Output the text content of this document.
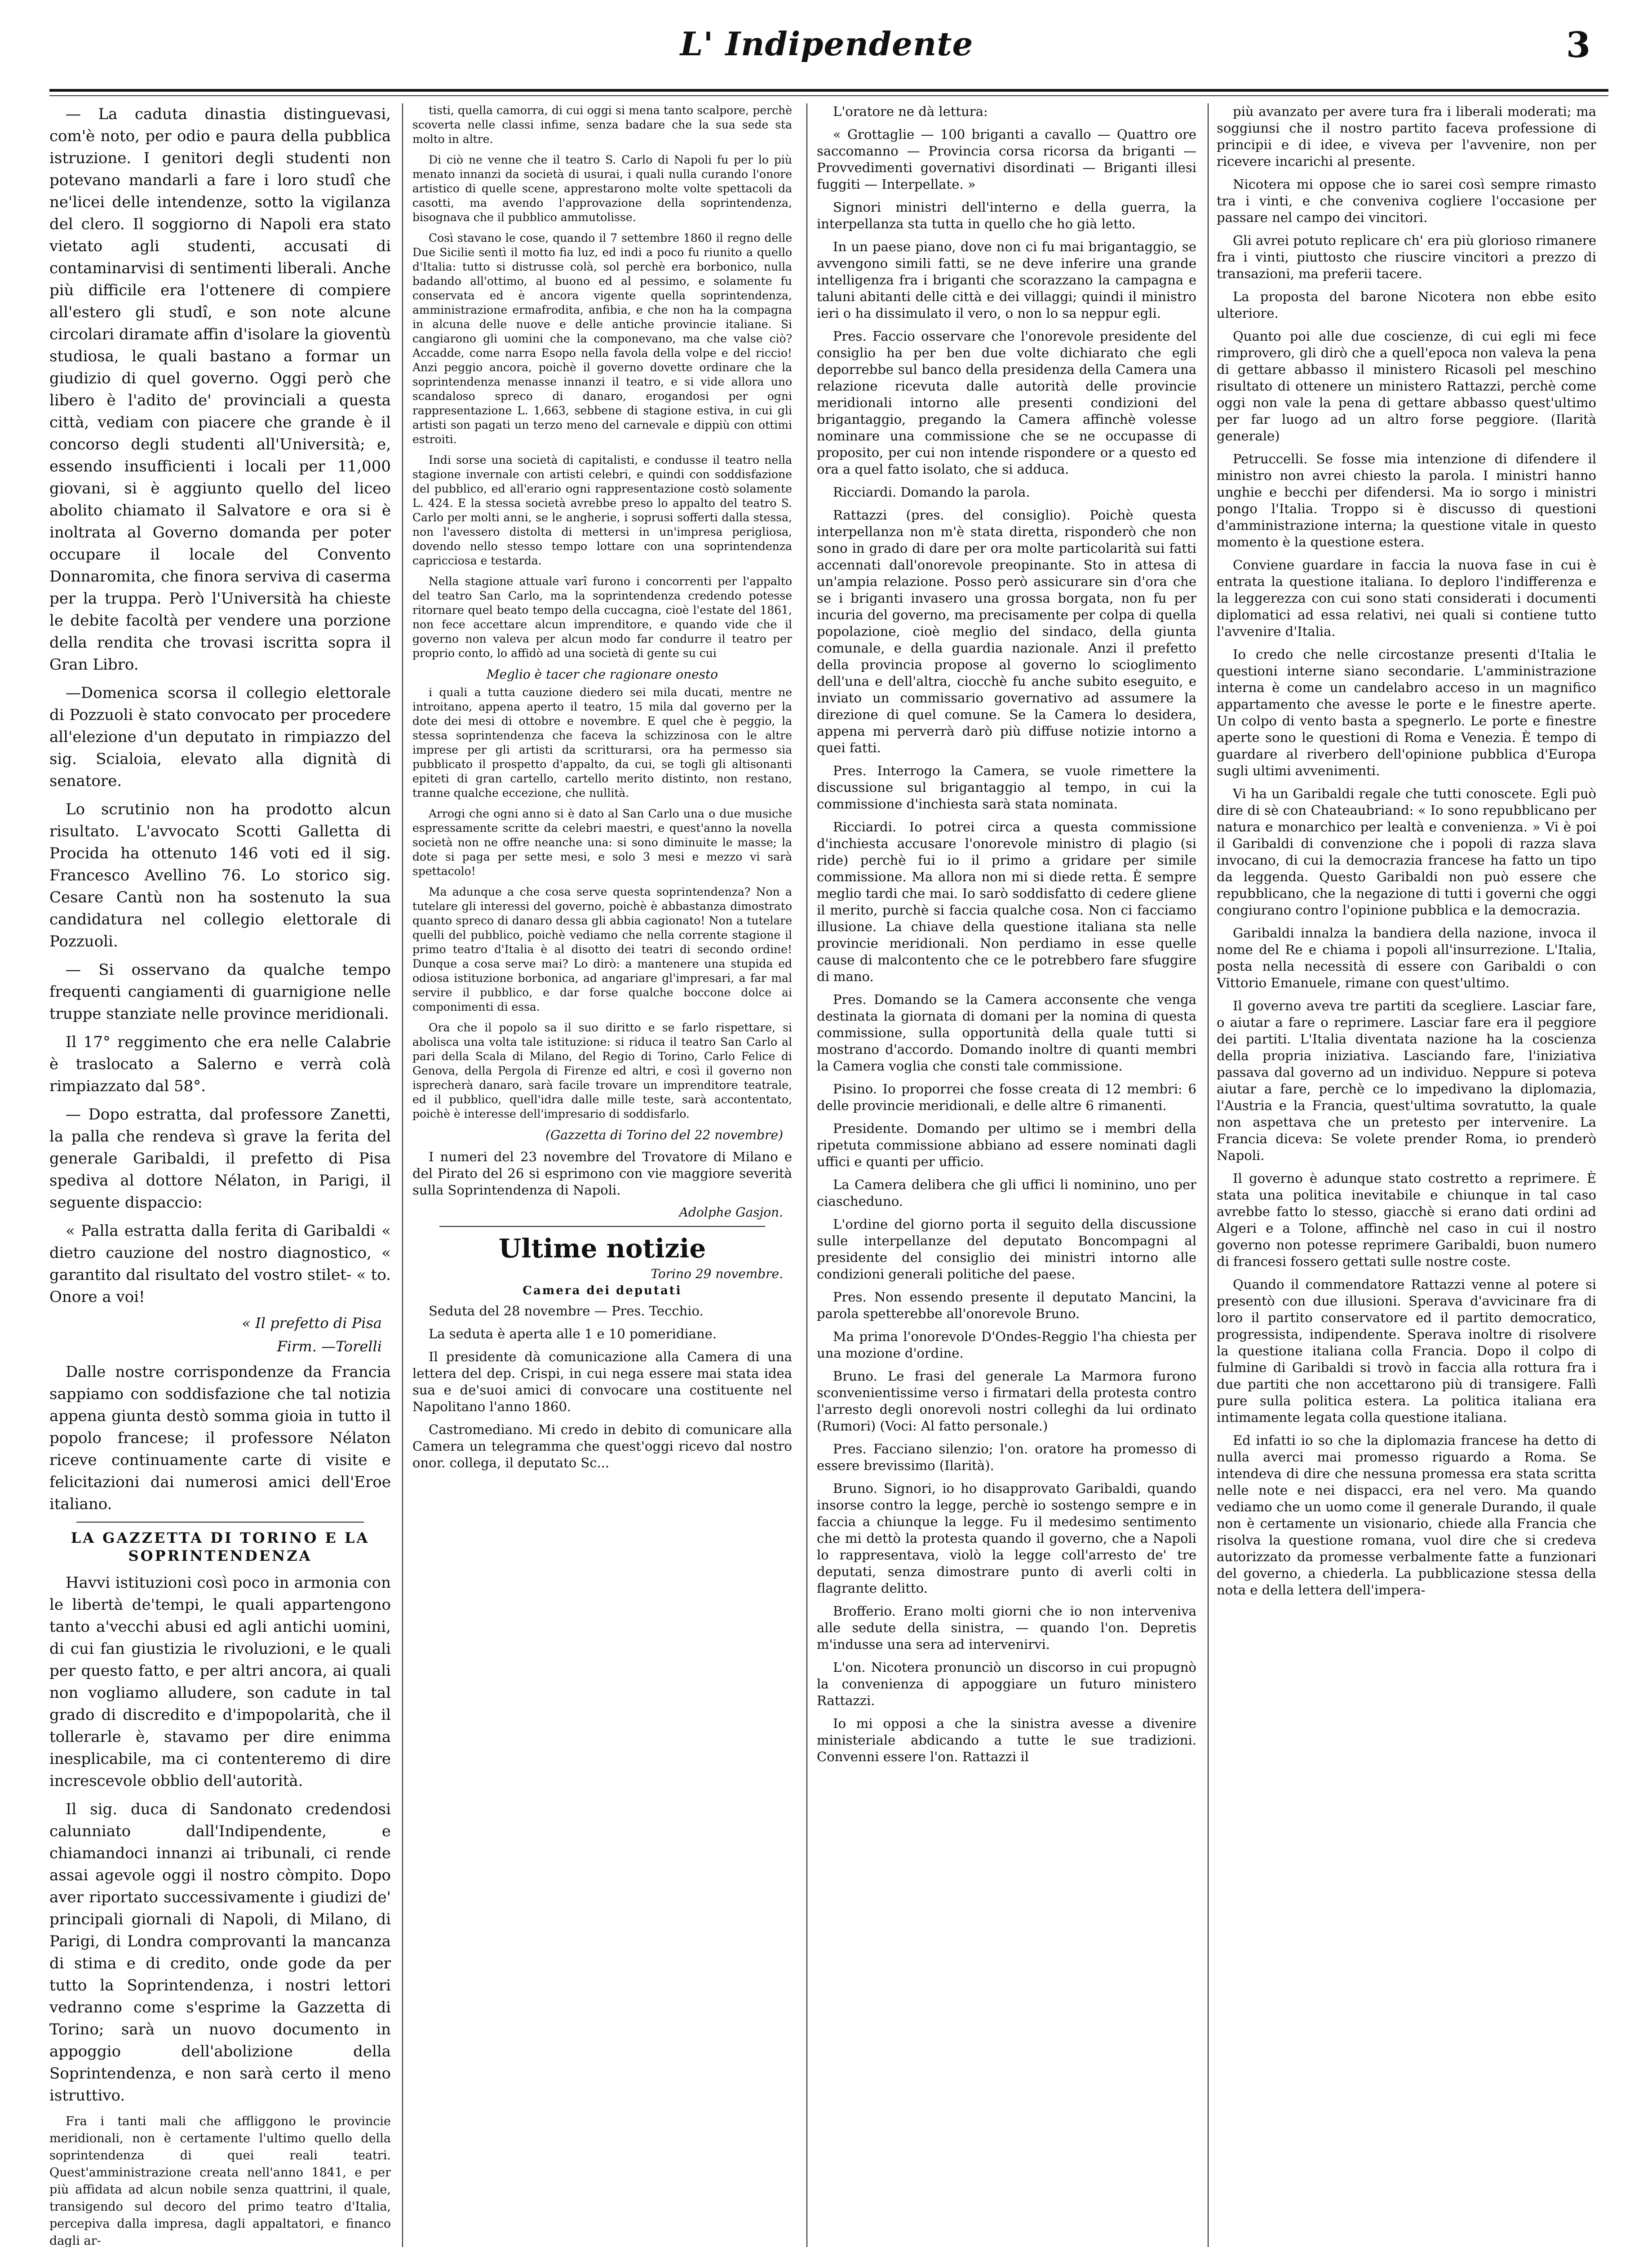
L' Indipendente	3

— La caduta dinastia distinguevasi, com'è noto, per odio e paura della pubblica istruzione. I genitori degli studenti non potevano mandarli a fare i loro studî che ne'licei delle intendenze, sotto la vigilanza del clero. Il soggiorno di Napoli era stato vietato agli studenti, accusati di contaminarvisi di sentimenti liberali. Anche più difficile era l'ottenere di compiere all'estero gli studî, e son note alcune circolari diramate affin d'isolare la gioventù studiosa, le quali bastano a formar un giudizio di quel governo. Oggi però che libero è l'adito de' provinciali a questa città, vediam con piacere che grande è il concorso degli studenti all'Università; e, essendo insufficienti i locali per 11,000 giovani, si è aggiunto quello del liceo abolito chiamato il Salvatore e ora si è inoltrata al Governo domanda per poter occupare il locale del Convento Donnaromita, che finora serviva di caserma per la truppa. Però l'Università ha chieste le debite facoltà per vendere una porzione della rendita che trovasi iscritta sopra il Gran Libro.

—Domenica scorsa il collegio elettorale di Pozzuoli è stato convocato per procedere all'elezione d'un deputato in rimpiazzo del sig. Scialoia, elevato alla dignità di senatore.

Lo scrutinio non ha prodotto alcun risultato. L'avvocato Scotti Galletta di Procida ha ottenuto 146 voti ed il sig. Francesco Avellino 76. Lo storico sig. Cesare Cantù non ha sostenuto la sua candidatura nel collegio elettorale di Pozzuoli.

— Si osservano da qualche tempo frequenti cangiamenti di guarnigione nelle truppe stanziate nelle province meridionali.

Il 17° reggimento che era nelle Calabrie è traslocato a Salerno e verrà colà rimpiazzato dal 58°.

— Dopo estratta, dal professore Zanetti, la palla che rendeva sì grave la ferita del generale Garibaldi, il prefetto di Pisa spediva al dottore Nélaton, in Parigi, il seguente dispaccio:

« Palla estratta dalla ferita di Garibaldi « dietro cauzione del nostro diagnostico, « garantito dal risultato del vostro stilet- « to. Onore a voi!

« Il prefetto di Pisa
Firm. —Torelli

Dalle nostre corrispondenze da Francia sappiamo con soddisfazione che tal notizia appena giunta destò somma gioia in tutto il popolo francese; il professore Nélaton riceve continuamente carte di visite e felicitazioni dai numerosi amici dell'Eroe italiano.

LA GAZZETTA DI TORINO E LA SOPRINTENDENZA

Havvi istituzioni così poco in armonia con le libertà de'tempi, le quali appartengono tanto a'vecchi abusi ed agli antichi uomini, di cui fan giustizia le rivoluzioni, e le quali per questo fatto, e per altri ancora, ai quali non vogliamo alludere, son cadute in tal grado di discredito e d'impopolarità, che il tollerarle è, stavamo per dire enimma inesplicabile, ma ci contenteremo di dire increscevole obblio dell'autorità.

Il sig. duca di Sandonato credendosi calunniato dall'Indipendente, e chiamandoci innanzi ai tribunali, ci rende assai agevole oggi il nostro còmpito. Dopo aver riportato successivamente i giudizi de' principali giornali di Napoli, di Milano, di Parigi, di Londra comprovanti la mancanza di stima e di credito, onde gode da per tutto la Soprintendenza, i nostri lettori vedranno come s'esprime la Gazzetta di Torino; sarà un nuovo documento in appoggio dell'abolizione della Soprintendenza, e non sarà certo il meno istruttivo.

Fra i tanti mali che affliggono le provincie meridionali, non è certamente l'ultimo quello della soprintendenza di quei reali teatri. Quest'amministrazione creata nell'anno 1841, e per più affidata ad alcun nobile senza quattrini, il quale, transigendo sul decoro del primo teatro d'Italia, percepiva dalla impresa, dagli appaltatori, e financo dagli ar-

tisti, quella camorra, di cui oggi si mena tanto scalpore, perchè scoverta nelle classi infime, senza badare che la sua sede sta molto in altre.

Di ciò ne venne che il teatro S. Carlo di Napoli fu per lo più menato innanzi da società di usurai, i quali nulla curando l'onore artistico di quelle scene, apprestarono molte volte spettacoli da casotti, ma avendo l'approvazione della soprintendenza, bisognava che il pubblico ammutolisse.

Così stavano le cose, quando il 7 settembre 1860 il regno delle Due Sicilie sentì il motto fia luz, ed indi a poco fu riunito a quello d'Italia: tutto si distrusse colà, sol perchè era borbonico, nulla badando all'ottimo, al buono ed al pessimo, e solamente fu conservata ed è ancora vigente quella soprintendenza, amministrazione ermafrodita, anfibia, e che non ha la compagna in alcuna delle nuove e delle antiche provincie italiane. Si cangiarono gli uomini che la componevano, ma che valse ciò? Accadde, come narra Esopo nella favola della volpe e del riccio! Anzi peggio ancora, poichè il governo dovette ordinare che la soprintendenza menasse innanzi il teatro, e si vide allora uno scandaloso spreco di danaro, erogandosi per ogni rappresentazione L. 1,663, sebbene di stagione estiva, in cui gli artisti son pagati un terzo meno del carnevale e dippiù con ottimi estroiti.

Indi sorse una società di capitalisti, e condusse il teatro nella stagione invernale con artisti celebri, e quindi con soddisfazione del pubblico, ed all'erario ogni rappresentazione costò solamente L. 424. E la stessa società avrebbe preso lo appalto del teatro S. Carlo per molti anni, se le angherie, i soprusi sofferti dalla stessa, non l'avessero distolta di mettersi in un'impresa perigliosa, dovendo nello stesso tempo lottare con una soprintendenza capricciosa e testarda.

Nella stagione attuale varî furono i concorrenti per l'appalto del teatro San Carlo, ma la soprintendenza credendo potesse ritornare quel beato tempo della cuccagna, cioè l'estate del 1861, non fece accettare alcun imprenditore, e quando vide che il governo non valeva per alcun modo far condurre il teatro per proprio conto, lo affidò ad una società di gente su cui

Meglio è tacer che ragionare onesto

i quali a tutta cauzione diedero sei mila ducati, mentre ne introitano, appena aperto il teatro, 15 mila dal governo per la dote dei mesi di ottobre e novembre. E quel che è peggio, la stessa soprintendenza che faceva la schizzinosa con le altre imprese per gli artisti da scritturarsi, ora ha permesso sia pubblicato il prospetto d'appalto, da cui, se togli gli altisonanti epiteti di gran cartello, cartello merito distinto, non restano, tranne qualche eccezione, che nullità.

Arrogi che ogni anno si è dato al San Carlo una o due musiche espressamente scritte da celebri maestri, e quest'anno la novella società non ne offre neanche una: si sono diminuite le masse; la dote si paga per sette mesi, e solo 3 mesi e mezzo vi sarà spettacolo!

Ma adunque a che cosa serve questa soprintendenza? Non a tutelare gli interessi del governo, poichè è abbastanza dimostrato quanto spreco di danaro dessa gli abbia cagionato! Non a tutelare quelli del pubblico, poichè vediamo che nella corrente stagione il primo teatro d'Italia è al disotto dei teatri di secondo ordine! Dunque a cosa serve mai? Lo dirò: a mantenere una stupida ed odiosa istituzione borbonica, ad angariare gl'impresari, a far mal servire il pubblico, e dar forse qualche boccone dolce ai componimenti di essa.

Ora che il popolo sa il suo diritto e se farlo rispettare, si abolisca una volta tale istituzione: si riduca il teatro San Carlo al pari della Scala di Milano, del Regio di Torino, Carlo Felice di Genova, della Pergola di Firenze ed altri, e così il governo non isprecherà danaro, sarà facile trovare un imprenditore teatrale, ed il pubblico, quell'idra dalle mille teste, sarà accontentato, poichè è interesse dell'impresario di soddisfarlo.

(Gazzetta di Torino del 22 novembre)

I numeri del 23 novembre del Trovatore di Milano e del Pirato del 26 si esprimono con vie maggiore severità sulla Soprintendenza di Napoli.

Adolphe Gasjon.
Ultime notizie
Torino 29 novembre.
Camera dei deputati

Seduta del 28 novembre — Pres. Tecchio.

La seduta è aperta alle 1 e 10 pomeridiane.

Il presidente dà comunicazione alla Camera di una lettera del dep. Crispi, in cui nega essere mai stata idea sua e de'suoi amici di convocare una costituente nel Napolitano l'anno 1860.

Castromediano. Mi credo in debito di comunicare alla Camera un telegramma che quest'oggi ricevo dal nostro onor. collega, il deputato Sc...

L'oratore ne dà lettura:

« Grottaglie — 100 briganti a cavallo — Quattro ore saccomanno — Provincia corsa ricorsa da briganti — Provvedimenti governativi disordinati — Briganti illesi fuggiti — Interpellate. »

Signori ministri dell'interno e della guerra, la interpellanza sta tutta in quello che ho già letto.

In un paese piano, dove non ci fu mai brigantaggio, se avvengono simili fatti, se ne deve inferire una grande intelligenza fra i briganti che scorazzano la campagna e taluni abitanti delle città e dei villaggi; quindi il ministro ieri o ha dissimulato il vero, o non lo sa neppur egli.

Pres. Faccio osservare che l'onorevole presidente del consiglio ha per ben due volte dichiarato che egli deporrebbe sul banco della presidenza della Camera una relazione ricevuta dalle autorità delle provincie meridionali intorno alle presenti condizioni del brigantaggio, pregando la Camera affinchè volesse nominare una commissione che se ne occupasse di proposito, per cui non intende rispondere or a questo ed ora a quel fatto isolato, che si adduca.

Ricciardi. Domando la parola.

Rattazzi (pres. del consiglio). Poichè questa interpellanza non m'è stata diretta, risponderò che non sono in grado di dare per ora molte particolarità sui fatti accennati dall'onorevole preopinante. Sto in attesa di un'ampia relazione. Posso però assicurare sin d'ora che se i briganti invasero una grossa borgata, non fu per incuria del governo, ma precisamente per colpa di quella popolazione, cioè meglio del sindaco, della giunta comunale, e della guardia nazionale. Anzi il prefetto della provincia propose al governo lo scioglimento dell'una e dell'altra, ciocchè fu anche subito eseguito, e inviato un commissario governativo ad assumere la direzione di quel comune. Se la Camera lo desidera, appena mi perverrà darò più diffuse notizie intorno a quei fatti.

Pres. Interrogo la Camera, se vuole rimettere la discussione sul brigantaggio al tempo, in cui la commissione d'inchiesta sarà stata nominata.

Ricciardi. Io potrei circa a questa commissione d'inchiesta accusare l'onorevole ministro di plagio (si ride) perchè fui io il primo a gridare per simile commissione. Ma allora non mi si diede retta. È sempre meglio tardi che mai. Io sarò soddisfatto di cedere gliene il merito, purchè si faccia qualche cosa. Non ci facciamo illusione. La chiave della questione italiana sta nelle provincie meridionali. Non perdiamo in esse quelle cause di malcontento che ce le potrebbero fare sfuggire di mano.

Pres. Domando se la Camera acconsente che venga destinata la giornata di domani per la nomina di questa commissione, sulla opportunità della quale tutti si mostrano d'accordo. Domando inoltre di quanti membri la Camera voglia che consti tale commissione.

Pisino. Io proporrei che fosse creata di 12 membri: 6 delle provincie meridionali, e delle altre 6 rimanenti.

Presidente. Domando per ultimo se i membri della ripetuta commissione abbiano ad essere nominati dagli uffici e quanti per ufficio.

La Camera delibera che gli uffici li nominino, uno per ciascheduno.

L'ordine del giorno porta il seguito della discussione sulle interpellanze del deputato Boncompagni al presidente del consiglio dei ministri intorno alle condizioni generali politiche del paese.

Pres. Non essendo presente il deputato Mancini, la parola spetterebbe all'onorevole Bruno.

Ma prima l'onorevole D'Ondes-Reggio l'ha chiesta per una mozione d'ordine.

Bruno. Le frasi del generale La Marmora furono sconvenientissime verso i firmatari della protesta contro l'arresto degli onorevoli nostri colleghi da lui ordinato (Rumori) (Voci: Al fatto personale.)

Pres. Facciano silenzio; l'on. oratore ha promesso di essere brevissimo (Ilarità).

Bruno. Signori, io ho disapprovato Garibaldi, quando insorse contro la legge, perchè io sostengo sempre e in faccia a chiunque la legge. Fu il medesimo sentimento che mi dettò la protesta quando il governo, che a Napoli lo rappresentava, violò la legge coll'arresto de' tre deputati, senza dimostrare punto di averli colti in flagrante delitto.

Brofferio. Erano molti giorni che io non interveniva alle sedute della sinistra, — quando l'on. Depretis m'indusse una sera ad intervenirvi.

L'on. Nicotera pronunciò un discorso in cui propugnò la convenienza di appoggiare un futuro ministero Rattazzi.

Io mi opposi a che la sinistra avesse a divenire ministeriale abdicando a tutte le sue tradizioni. Convenni essere l'on. Rattazzi il

più avanzato per avere tura fra i liberali moderati; ma soggiunsi che il nostro partito faceva professione di principii e di idee, e viveva per l'avvenire, non per ricevere incarichi al presente.

Nicotera mi oppose che io sarei così sempre rimasto tra i vinti, e che conveniva cogliere l'occasione per passare nel campo dei vincitori.

Gli avrei potuto replicare ch' era più glorioso rimanere fra i vinti, piuttosto che riuscire vincitori a prezzo di transazioni, ma preferii tacere.

La proposta del barone Nicotera non ebbe esito ulteriore.

Quanto poi alle due coscienze, di cui egli mi fece rimprovero, gli dirò che a quell'epoca non valeva la pena di gettare abbasso il ministero Ricasoli pel meschino risultato di ottenere un ministero Rattazzi, perchè come oggi non vale la pena di gettare abbasso quest'ultimo per far luogo ad un altro forse peggiore. (Ilarità generale)

Petruccelli. Se fosse mia intenzione di difendere il ministro non avrei chiesto la parola. I ministri hanno unghie e becchi per difendersi. Ma io sorgo i ministri pongo l'Italia. Troppo si è discusso di questioni d'amministrazione interna; la questione vitale in questo momento è la questione estera.

Conviene guardare in faccia la nuova fase in cui è entrata la questione italiana. Io deploro l'indifferenza e la leggerezza con cui sono stati considerati i documenti diplomatici ad essa relativi, nei quali si contiene tutto l'avvenire d'Italia.

Io credo che nelle circostanze presenti d'Italia le questioni interne siano secondarie. L'amministrazione interna è come un candelabro acceso in un magnifico appartamento che avesse le porte e le finestre aperte. Un colpo di vento basta a spegnerlo. Le porte e finestre aperte sono le questioni di Roma e Venezia. È tempo di guardare al riverbero dell'opinione pubblica d'Europa sugli ultimi avvenimenti.

Vi ha un Garibaldi regale che tutti conoscete. Egli può dire di sè con Chateaubriand: « Io sono repubblicano per natura e monarchico per lealtà e convenienza. » Vi è poi il Garibaldi di convenzione che i popoli di razza slava invocano, di cui la democrazia francese ha fatto un tipo da leggenda. Questo Garibaldi non può essere che repubblicano, che la negazione di tutti i governi che oggi congiurano contro l'opinione pubblica e la democrazia.

Garibaldi innalza la bandiera della nazione, invoca il nome del Re e chiama i popoli all'insurrezione. L'Italia, posta nella necessità di essere con Garibaldi o con Vittorio Emanuele, rimane con quest'ultimo.

Il governo aveva tre partiti da scegliere. Lasciar fare, o aiutar a fare o reprimere. Lasciar fare era il peggiore dei partiti. L'Italia diventata nazione ha la coscienza della propria iniziativa. Lasciando fare, l'iniziativa passava dal governo ad un individuo. Neppure si poteva aiutar a fare, perchè ce lo impedivano la diplomazia, l'Austria e la Francia, quest'ultima sovratutto, la quale non aspettava che un pretesto per intervenire. La Francia diceva: Se volete prender Roma, io prenderò Napoli.

Il governo è adunque stato costretto a reprimere. È stata una politica inevitabile e chiunque in tal caso avrebbe fatto lo stesso, giacchè si erano dati ordini ad Algeri e a Tolone, affinchè nel caso in cui il nostro governo non potesse reprimere Garibaldi, buon numero di francesi fossero gettati sulle nostre coste.

Quando il commendatore Rattazzi venne al potere si presentò con due illusioni. Sperava d'avvicinare fra di loro il partito conservatore ed il partito democratico, progressista, indipendente. Sperava inoltre di risolvere la questione italiana colla Francia. Dopo il colpo di fulmine di Garibaldi si trovò in faccia alla rottura fra i due partiti che non accettarono più di transigere. Fallì pure sulla politica estera. La politica italiana era intimamente legata colla questione italiana.

Ed infatti io so che la diplomazia francese ha detto di nulla averci mai promesso riguardo a Roma. Se intendeva di dire che nessuna promessa era stata scritta nelle note e nei dispacci, era nel vero. Ma quando vediamo che un uomo come il generale Durando, il quale non è certamente un visionario, chiede alla Francia che risolva la questione romana, vuol dire che si credeva autorizzato da promesse verbalmente fatte a funzionari del governo, a chiederla. La pubblicazione stessa della nota e della lettera dell'impera-
